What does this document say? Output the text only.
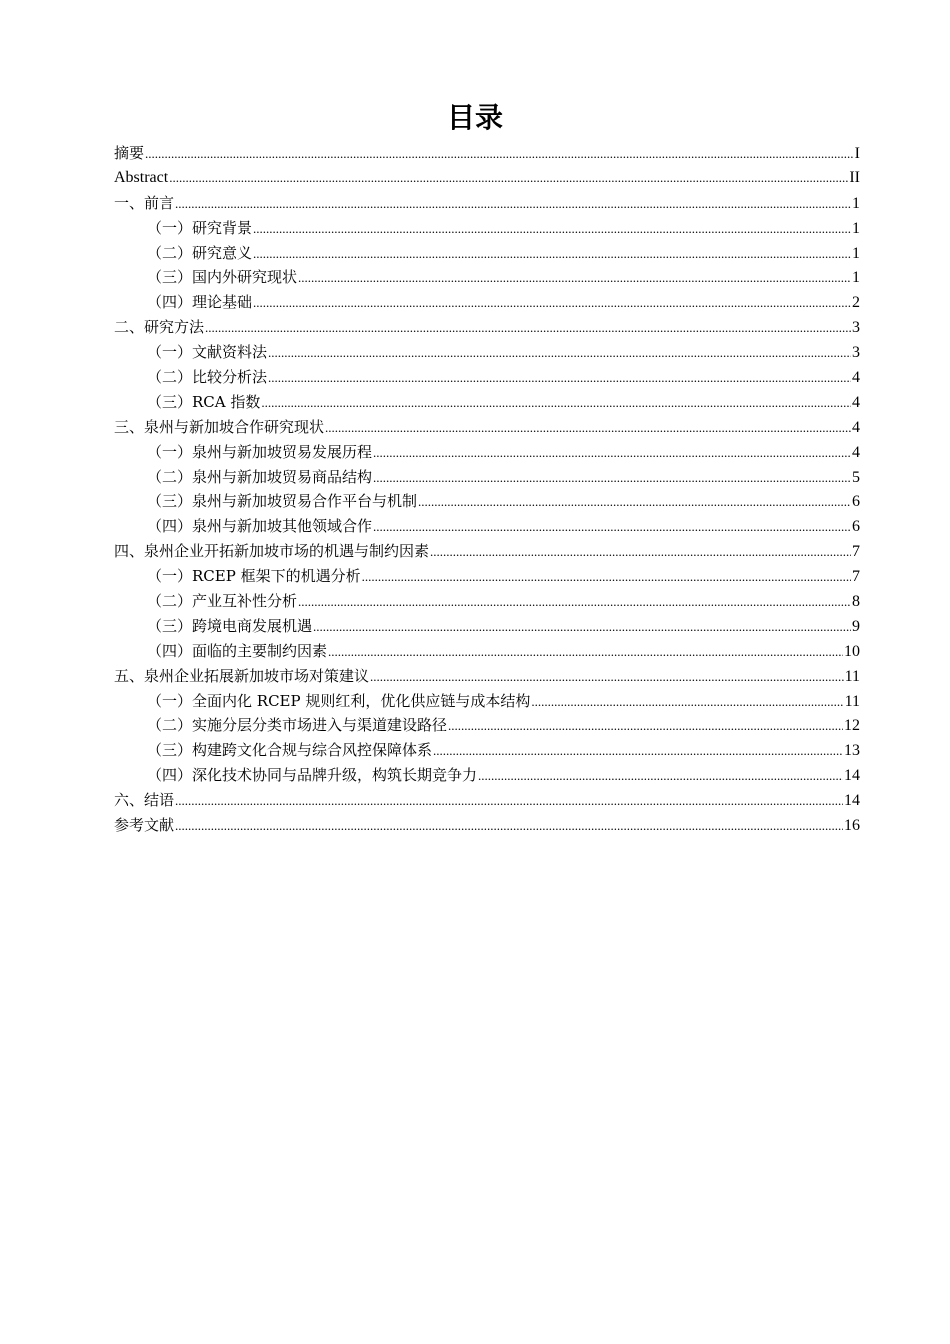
目录
摘要 .....	I
Abstract .....	II
一、前言 .....	1
（一）研究背景 .....	1
（二）研究意义 .....	1
（三）国内外研究现状 .....	1
（四）理论基础 .....	2
二、研究方法 .....	3
（一）文献资料法 .....	3
（二）比较分析法 .....	4
（三）RCA 指数 .....	4
三、泉州与新加坡合作研究现状 .....	4
（一）泉州与新加坡贸易发展历程 .....	4
（二）泉州与新加坡贸易商品结构 .....	5
（三）泉州与新加坡贸易合作平台与机制 .....	6
（四）泉州与新加坡其他领域合作 .....	6
四、泉州企业开拓新加坡市场的机遇与制约因素 .....	7
（一）RCEP 框架下的机遇分析 .....	7
（二）产业互补性分析 .....	8
（三）跨境电商发展机遇 .....	9
（四）面临的主要制约因素 .....	10
五、泉州企业拓展新加坡市场对策建议 .....	11
（一）全面内化 RCEP 规则红利，优化供应链与成本结构 .....	11
（二）实施分层分类市场进入与渠道建设路径 .....	12
（三）构建跨文化合规与综合风控保障体系 .....	13
（四）深化技术协同与品牌升级，构筑长期竞争力 .....	14
六、结语 .....	14
参考文献 .....	16
